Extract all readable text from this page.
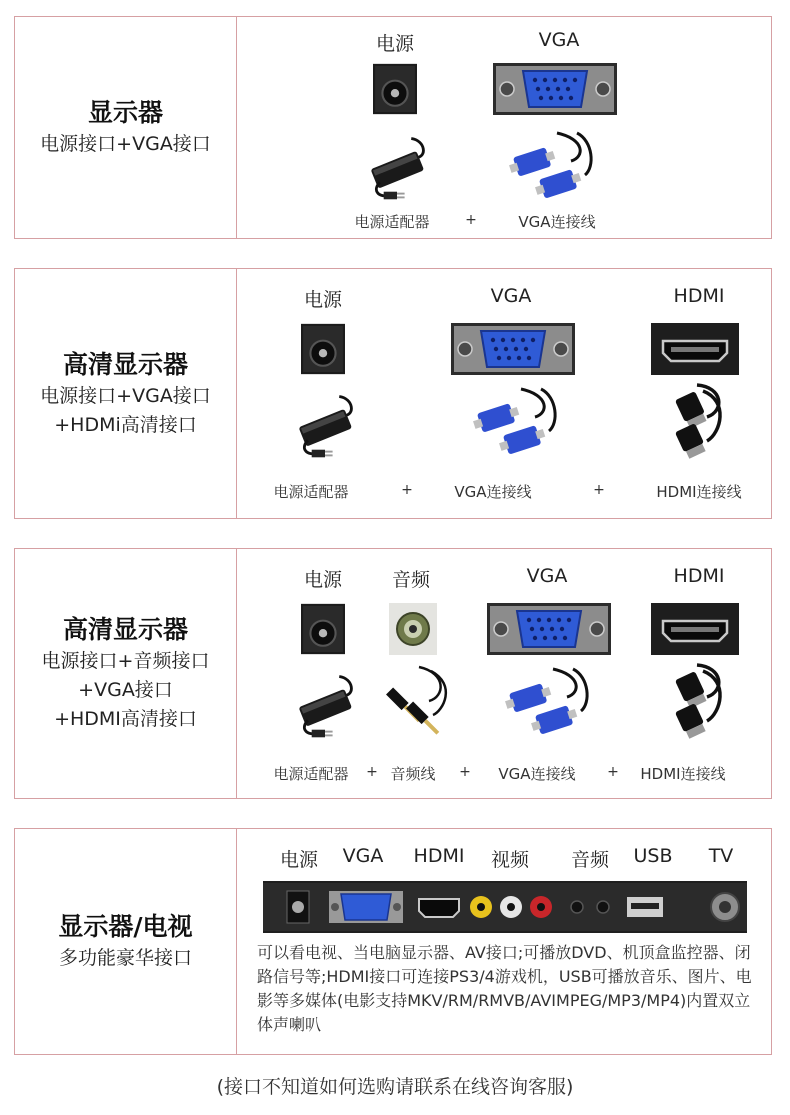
显示器
电源接口+VGA接口
电源	VGA
电源适配器	+	VGA连接线
高清显示器
电源接口+VGA接口
+HDMi高清接口
电源	VGA	HDMI
电源适配器	+	VGA连接线	+	HDMI连接线
高清显示器
电源接口+音频接口
+VGA接口
+HDMI高清接口
电源	音频	VGA	HDMI
电源适配器 + 音频线 + VGA连接线 + HDMI连接线
显示器/电视
多功能豪华接口
电源 VGA HDMI 视频 音频 USB TV
可以看电视、当电脑显示器、AV接口;可播放DVD、机顶盒监控器、闭路信号等;HDMI接口可连接PS3/4游戏机，USB可播放音乐、图片、电影等多媒体(电影支持MKV/RM/RMVB/AVIMPEG/MP3/MP4)内置双立体声喇叭
(接口不知道如何选购请联系在线咨询客服)
